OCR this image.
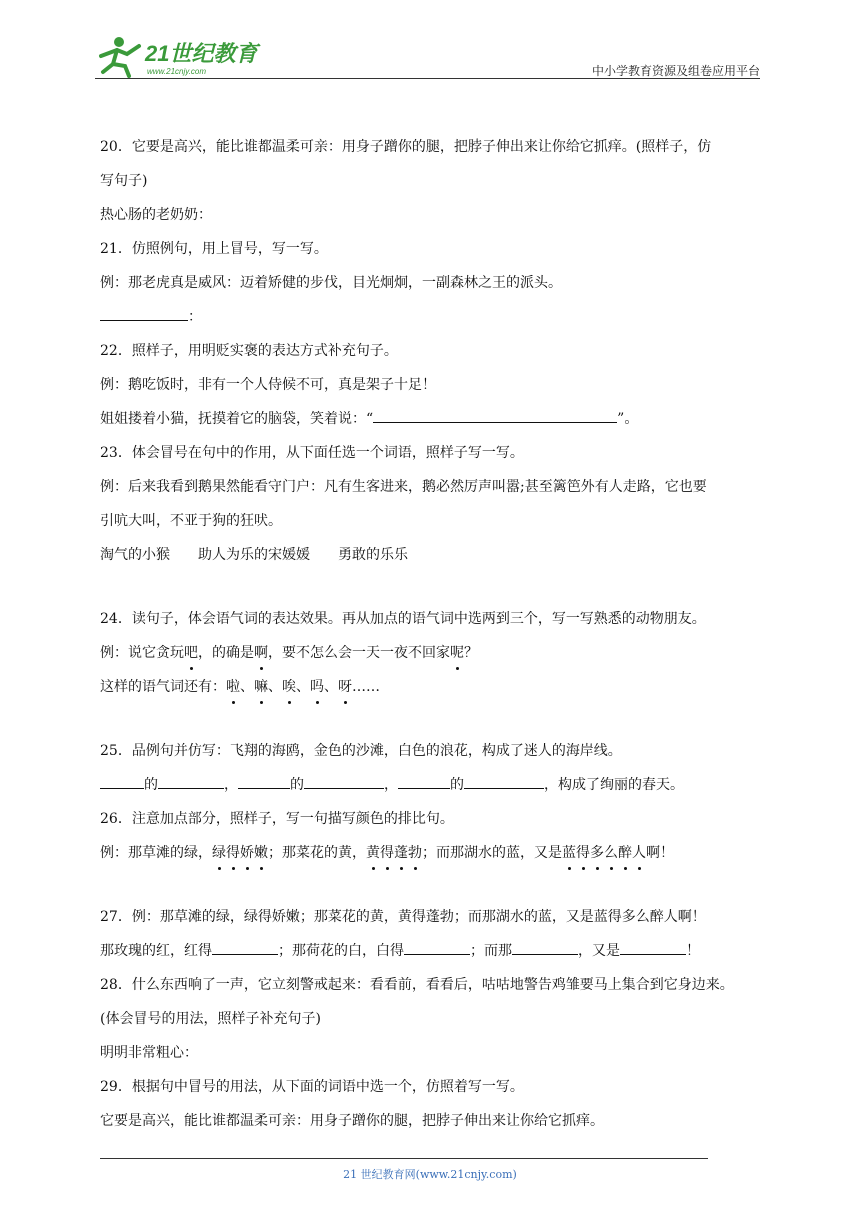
21世纪教育
www.21cnjy.com	中小学教育资源及组卷应用平台
20．它要是高兴，能比谁都温柔可亲：用身子蹭你的腿，把脖子伸出来让你给它抓痒。(照样子，仿
写句子)
热心肠的老奶奶：
21．仿照例句，用上冒号，写一写。
例：那老虎真是威风：迈着矫健的步伐，目光炯炯，一副森林之王的派头。
：
22．照样子，用明贬实褒的表达方式补充句子。
例：鹅吃饭时，非有一个人侍候不可，真是架子十足！
姐姐搂着小猫，抚摸着它的脑袋，笑着说：“	”。
23．体会冒号在句中的作用，从下面任选一个词语，照样子写一写。
例：后来我看到鹅果然能看守门户：凡有生客进来，鹅必然厉声叫嚣;甚至篱笆外有人走路，它也要
引吭大叫，不亚于狗的狂吠。
淘气的小猴 助人为乐的宋媛媛 勇敢的乐乐
24．读句子，体会语气词的表达效果。再从加点的语气词中选两到三个，写一写熟悉的动物朋友。
例：说它贪玩吧，的确是啊，要不怎么会一天一夜不回家呢？
这样的语气词还有：啦、嘛、唉、吗、呀……
25．品例句并仿写：飞翔的海鸥，金色的沙滩，白色的浪花，构成了迷人的海岸线。
的	，	的	，	的	，构成了绚丽的春天。
26．注意加点部分，照样子，写一句描写颜色的排比句。
例：那草滩的绿，绿得娇嫩；那菜花的黄，黄得蓬勃；而那湖水的蓝，又是蓝得多么醉人啊！
27．例：那草滩的绿，绿得娇嫩；那菜花的黄，黄得蓬勃；而那湖水的蓝，又是蓝得多么醉人啊！
那玫瑰的红，红得	；那荷花的白，白得	；而那	，又是	！
28．什么东西响了一声，它立刻警戒起来：看看前，看看后，咕咕地警告鸡雏要马上集合到它身边来。
(体会冒号的用法，照样子补充句子)
明明非常粗心：
29．根据句中冒号的用法，从下面的词语中选一个，仿照着写一写。
它要是高兴，能比谁都温柔可亲：用身子蹭你的腿，把脖子伸出来让你给它抓痒。
21 世纪教育网(www.21cnjy.com)
